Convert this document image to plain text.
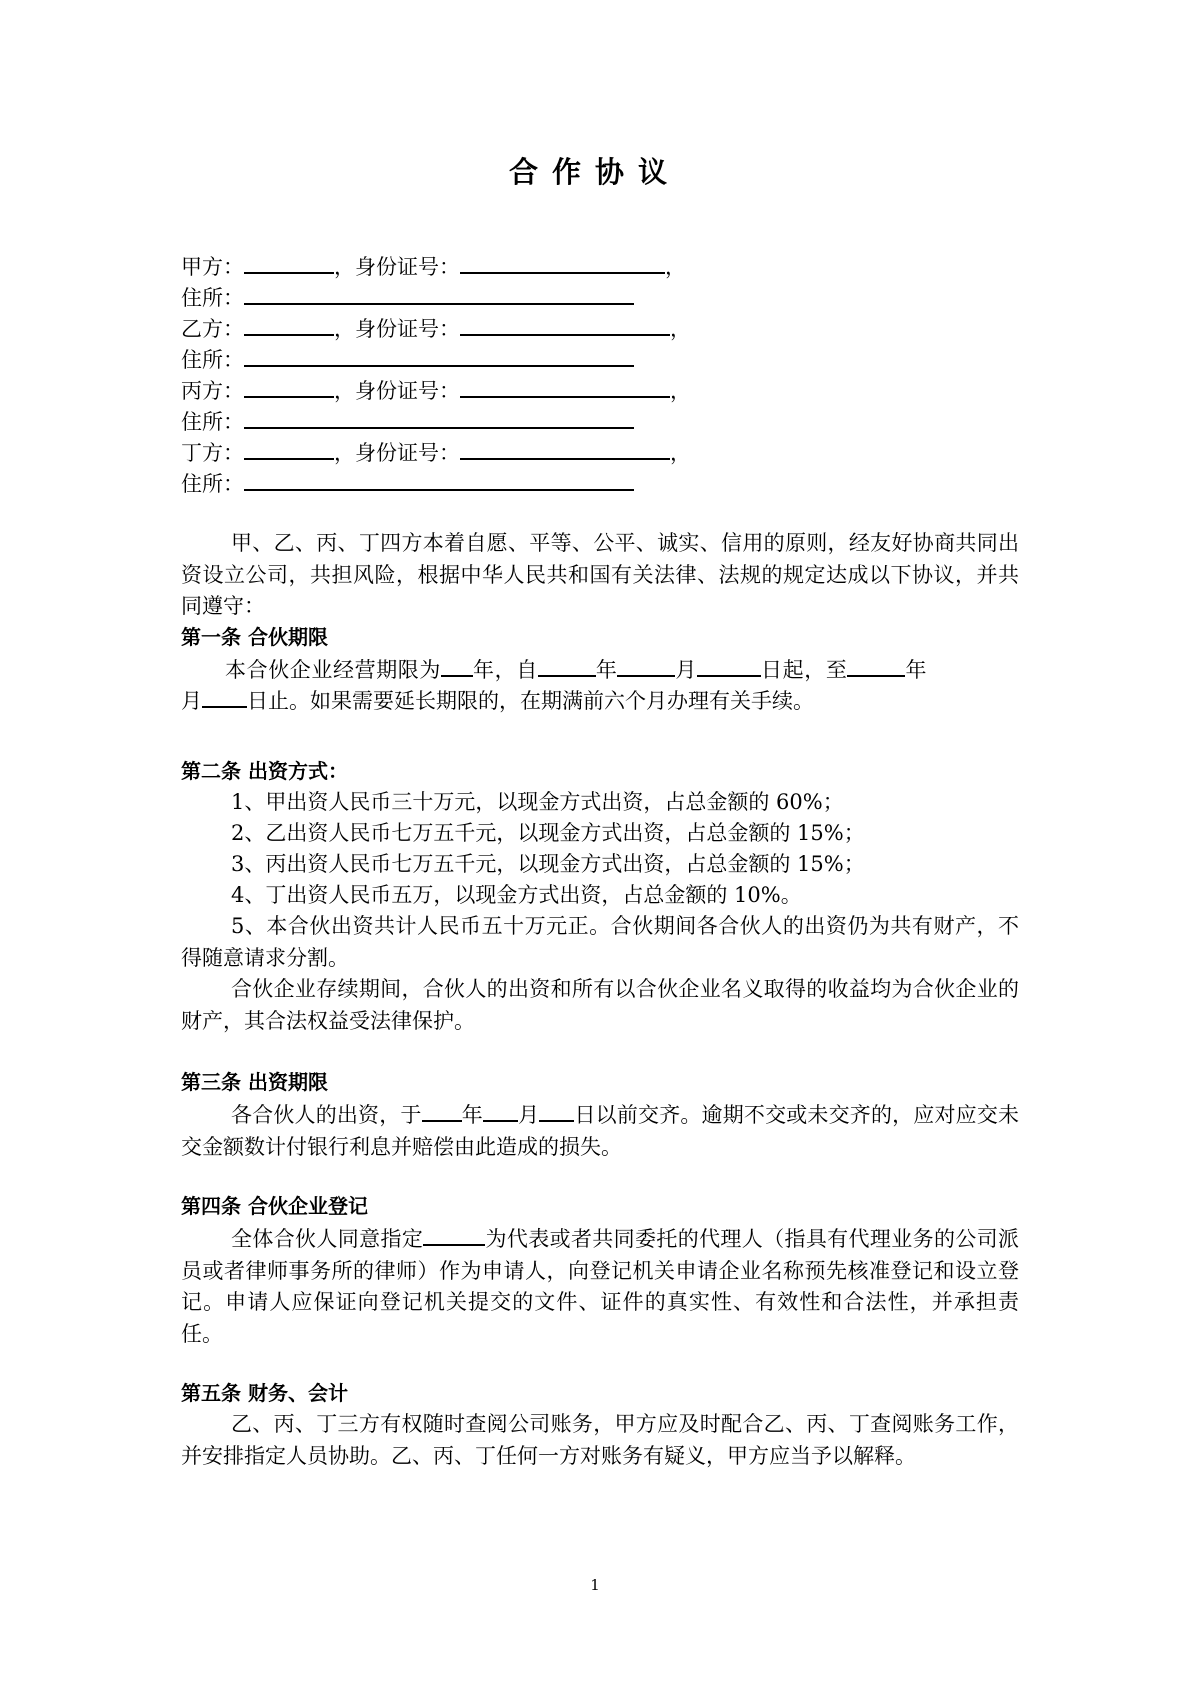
合作协议
甲方：	，身份证号：	，
住所：
乙方：	，身份证号：	，
住所：
丙方：	，身份证号：	，
住所：
丁方：	，身份证号：	，
住所：
甲、乙、丙、丁四方本着自愿、平等、公平、诚实、信用的原则，经友好协商共同出资设立公司，共担风险，根据中华人民共和国有关法律、法规的规定达成以下协议，并共同遵守：
第一条 合伙期限
本合伙企业经营期限为 年，自	年	月	日起，至	年
月 日止。如果需要延长期限的，在期满前六个月办理有关手续。
第二条 出资方式：
1、甲出资人民币三十万元，以现金方式出资，占总金额的 60%；
2、乙出资人民币七万五千元，以现金方式出资，占总金额的 15%；
3、丙出资人民币七万五千元，以现金方式出资，占总金额的 15%；
4、丁出资人民币五万，以现金方式出资，占总金额的 10%。
5、本合伙出资共计人民币五十万元正。合伙期间各合伙人的出资仍为共有财产，不得随意请求分割。
合伙企业存续期间，合伙人的出资和所有以合伙企业名义取得的收益均为合伙企业的财产，其合法权益受法律保护。
第三条 出资期限
各合伙人的出资，于 年 月 日以前交齐。逾期不交或未交齐的，应对应交未交金额数计付银行利息并赔偿由此造成的损失。
第四条 合伙企业登记
全体合伙人同意指定	为代表或者共同委托的代理人（指具有代理业务的公司派员或者律师事务所的律师）作为申请人，向登记机关申请企业名称预先核准登记和设立登记。申请人应保证向登记机关提交的文件、证件的真实性、有效性和合法性，并承担责任。
第五条 财务、会计
乙、丙、丁三方有权随时查阅公司账务，甲方应及时配合乙、丙、丁查阅账务工作，并安排指定人员协助。乙、丙、丁任何一方对账务有疑义，甲方应当予以解释。
1
